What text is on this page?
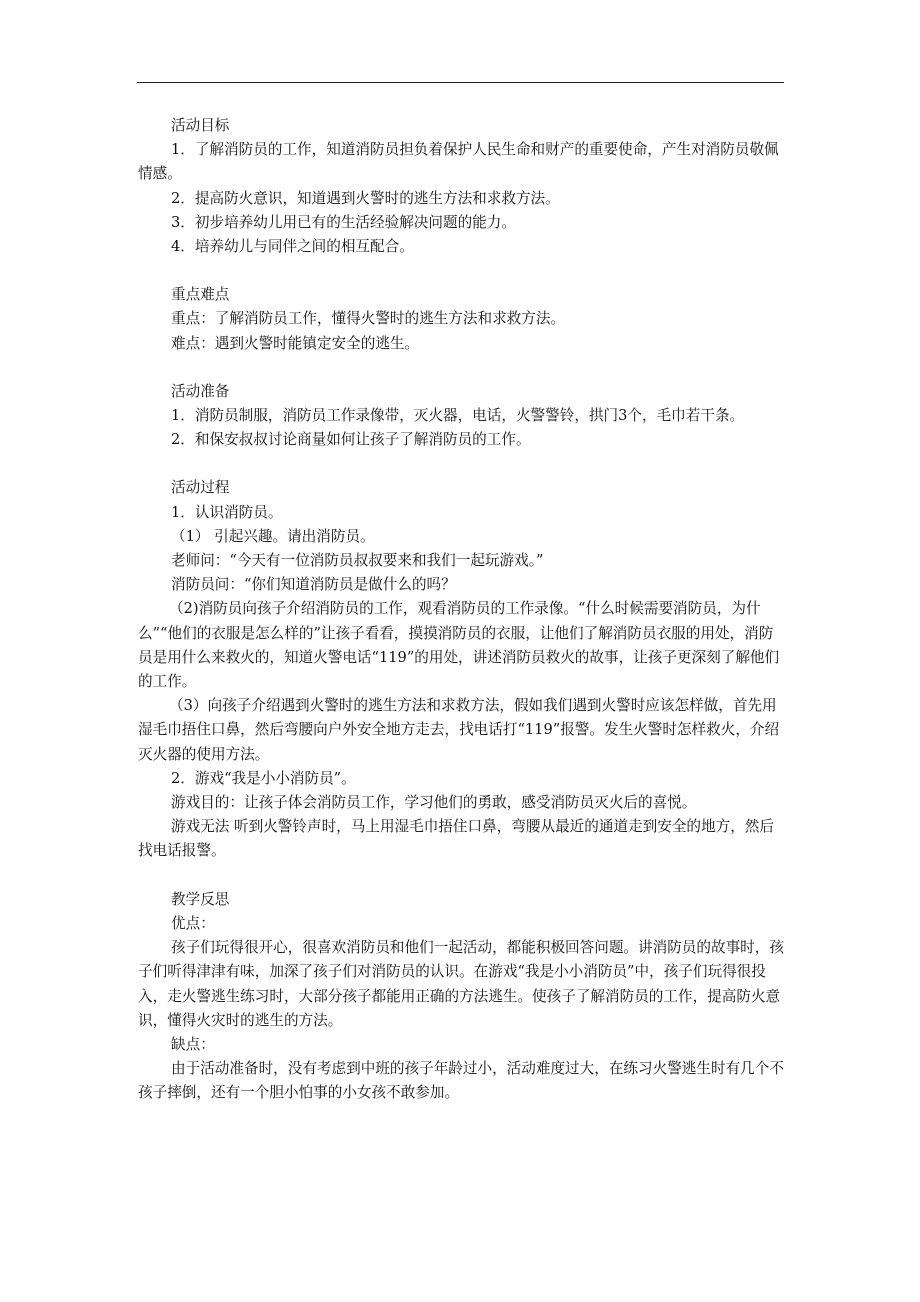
活动目标

1．了解消防员的工作，知道消防员担负着保护人民生命和财产的重要使命，产生对消防员敬佩情感。

2．提高防火意识，知道遇到火警时的逃生方法和求救方法。

3．初步培养幼儿用已有的生活经验解决问题的能力。

4．培养幼儿与同伴之间的相互配合。

重点难点

重点：了解消防员工作，懂得火警时的逃生方法和求救方法。

难点：遇到火警时能镇定安全的逃生。

活动准备

1．消防员制服，消防员工作录像带，灭火器，电话，火警警铃，拱门3个，毛巾若干条。

2．和保安叔叔讨论商量如何让孩子了解消防员的工作。

活动过程

1．认识消防员。

（1） 引起兴趣。请出消防员。

老师问：“今天有一位消防员叔叔要来和我们一起玩游戏。”

消防员问：“你们知道消防员是做什么的吗？

（2)消防员向孩子介绍消防员的工作，观看消防员的工作录像。“什么时候需要消防员，为什么”“他们的衣服是怎么样的”让孩子看看，摸摸消防员的衣服，让他们了解消防员衣服的用处，消防员是用什么来救火的，知道火警电话“119”的用处，讲述消防员救火的故事，让孩子更深刻了解他们的工作。

（3）向孩子介绍遇到火警时的逃生方法和求救方法，假如我们遇到火警时应该怎样做，首先用湿毛巾捂住口鼻，然后弯腰向户外安全地方走去，找电话打“119”报警。发生火警时怎样救火，介绍灭火器的使用方法。

2．游戏“我是小小消防员”。

游戏目的：让孩子体会消防员工作，学习他们的勇敢，感受消防员灭火后的喜悦。

游戏无法 听到火警铃声时，马上用湿毛巾捂住口鼻，弯腰从最近的通道走到安全的地方，然后找电话报警。

教学反思

优点：

孩子们玩得很开心，很喜欢消防员和他们一起活动，都能积极回答问题。讲消防员的故事时，孩子们听得津津有味，加深了孩子们对消防员的认识。在游戏“我是小小消防员”中，孩子们玩得很投入，走火警逃生练习时，大部分孩子都能用正确的方法逃生。使孩子了解消防员的工作，提高防火意识，懂得火灾时的逃生的方法。

缺点：

由于活动准备时，没有考虑到中班的孩子年龄过小，活动难度过大，在练习火警逃生时有几个不孩子摔倒，还有一个胆小怕事的小女孩不敢参加。
